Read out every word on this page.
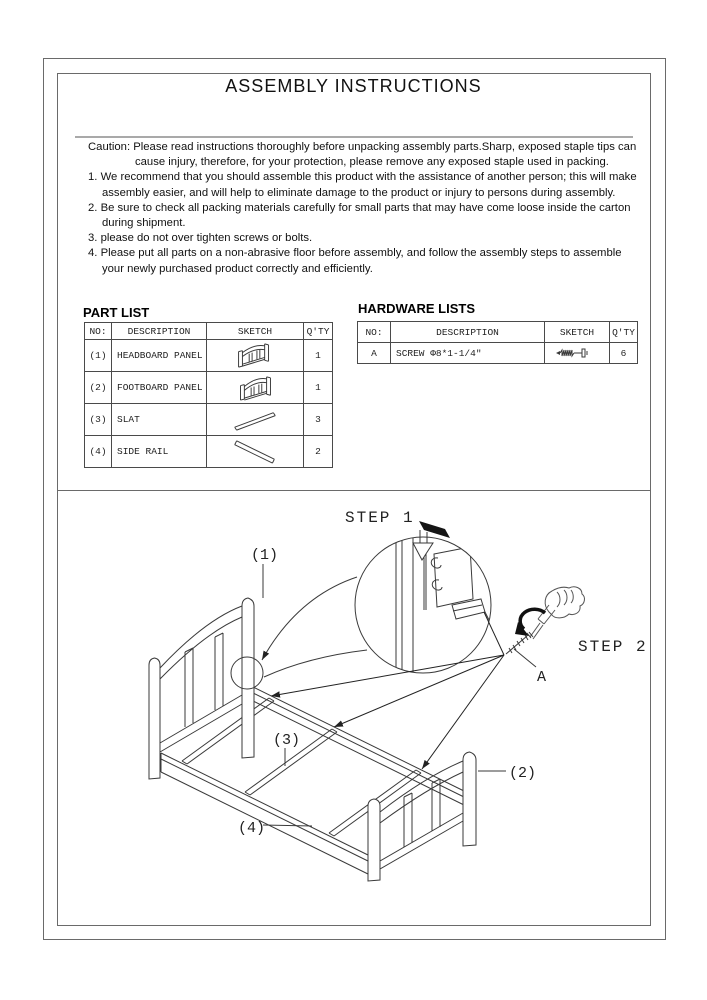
ASSEMBLY INSTRUCTIONS

Caution: Please read instructions thoroughly before unpacking assembly parts.Sharp, exposed staple tips can cause injury, therefore, for your protection, please remove any exposed staple used in packing.

1. We recommend that you should assemble this product with the assistance of another person; this will make assembly easier, and will help to eliminate damage to the product or injury to persons during assembly.

2. Be sure to check all packing materials carefully for small parts that may have come loose inside the carton during shipment.

3. please do not over tighten screws or bolts.

4. Please put all parts on a non-abrasive floor before assembly, and follow the assembly steps to assemble your newly purchased product correctly and efficiently.

PART LIST
NO:	DESCRIPTION	SKETCH	Q'TY
(1)	HEADBOARD PANEL	1
(2)	FOOTBOARD PANEL	1
(3)	SLAT	3
(4)	SIDE RAIL	2
HARDWARE LISTS
NO:	DESCRIPTION	SKETCH	Q'TY
A	SCREW Φ8*1-1/4"	6
STEP 1
STEP 2
(1)
(2)
(3)
(4)
A
